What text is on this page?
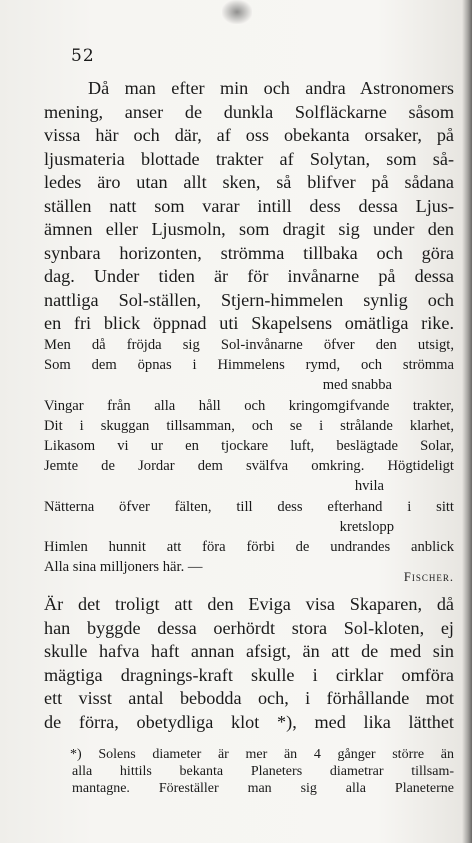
52
Då man efter min och andra Astronomers
mening, anser de dunkla Solfläckarne såsom
vissa här och där, af oss obekanta orsaker, på
ljusmateria blottade trakter af Solytan, som så-
ledes äro utan allt sken, så blifver på sådana
ställen natt som varar intill dess dessa Ljus-
ämnen eller Ljusmoln, som dragit sig under den
synbara horizonten, strömma tillbaka och göra
dag. Under tiden är för invånarne på dessa
nattliga Sol-ställen, Stjern-himmelen synlig och
en fri blick öppnad uti Skapelsens omätliga rike.
Men då fröjda sig Sol-invånarne öfver den utsigt,
Som dem öpnas i Himmelens rymd, och strömma
med snabba
Vingar från alla håll och kringomgifvande trakter,
Dit i skuggan tillsamman, och se i strålande klarhet,
Likasom vi ur en tjockare luft, beslägtade Solar,
Jemte de Jordar dem svälfva omkring. Högtideligt
hvila
Nätterna öfver fälten, till dess efterhand i sitt
kretslopp
Himlen hunnit att föra förbi de undrandes anblick
Alla sina milljoners här. —
Fischer.
Är det troligt att den Eviga visa Skaparen, då
han byggde dessa oerhördt stora Sol-kloten, ej
skulle hafva haft annan afsigt, än att de med sin
mägtiga dragnings-kraft skulle i cirklar omföra
ett visst antal bebodda och, i förhållande mot
de förra, obetydliga klot *), med lika lätthet
*) Solens diameter är mer än 4 gånger större än
alla hittils bekanta Planeters diametrar tillsam-
mantagne. Föreställer man sig alla Planeterne
